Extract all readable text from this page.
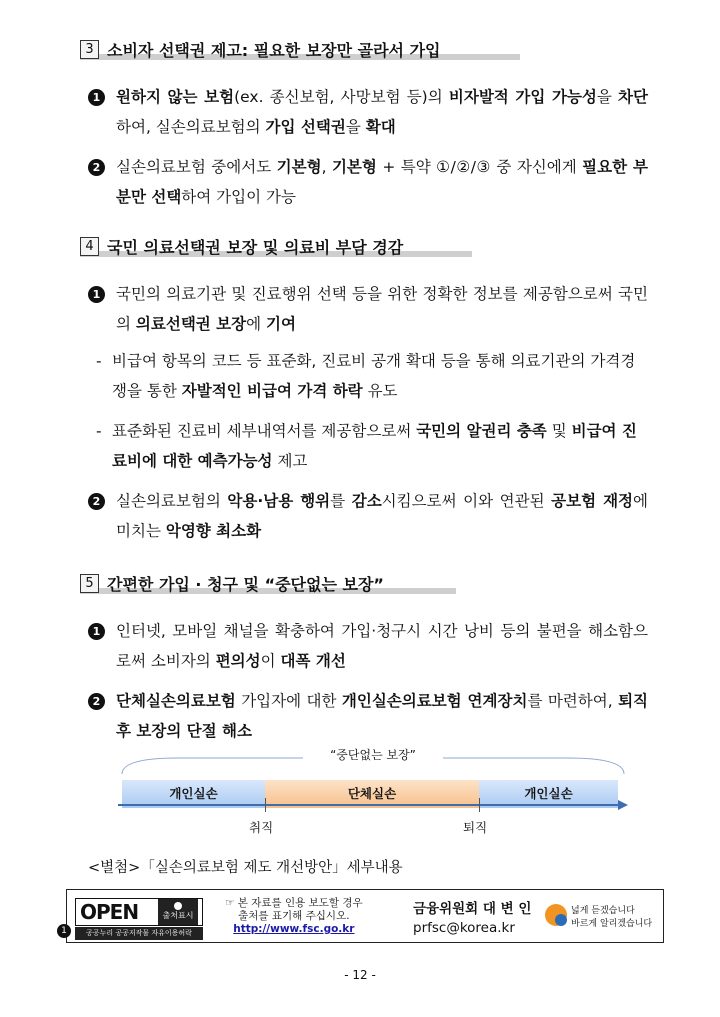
3 소비자 선택권 제고: 필요한 보장만 골라서 가입
1	원하지 않는 보험(ex. 종신보험, 사망보험 등)의 비자발적 가입 가능성을 차단하여, 실손의료보험의 가입 선택권을 확대
2	실손의료보험 중에서도 기본형, 기본형 + 특약 ①/②/③ 중 자신에게 필요한 부분만 선택하여 가입이 가능
4 국민 의료선택권 보장 및 의료비 부담 경감
1	국민의 의료기관 및 진료행위 선택 등을 위한 정확한 정보를 제공함으로써 국민의 의료선택권 보장에 기여
- 비급여 항목의 코드 등 표준화, 진료비 공개 확대 등을 통해 의료기관의 가격경쟁을 통한 자발적인 비급여 가격 하락 유도
- 표준화된 진료비 세부내역서를 제공함으로써 국민의 알권리 충족 및 비급여 진료비에 대한 예측가능성 제고
2	실손의료보험의 악용·남용 행위를 감소시킴으로써 이와 연관된 공보험 재정에 미치는 악영향 최소화
5 간편한 가입 · 청구 및 “중단없는 보장”
1	인터넷, 모바일 채널을 확충하여 가입·청구시 시간 낭비 등의 불편을 해소함으로써 소비자의 편의성이 대폭 개선
2	단체실손의료보험 가입자에 대한 개인실손의료보험 연계장치를 마련하여, 퇴직 후 보장의 단절 해소
“중단없는 보장”
개인실손	단체실손	개인실손
취직	퇴직
<별첨>「실손의료보험 제도 개선방안」세부내용
1
OPEN	출처표시
공공누리 공공저작물 자유이용허락
☞ 본 자료를 인용 보도할 경우
출처를 표기해 주십시오.
http://www.fsc.go.kr
금융위원회 대 변 인
prfsc@korea.kr
넓게 듣겠습니다
바르게 알리겠습니다
- 12 -
